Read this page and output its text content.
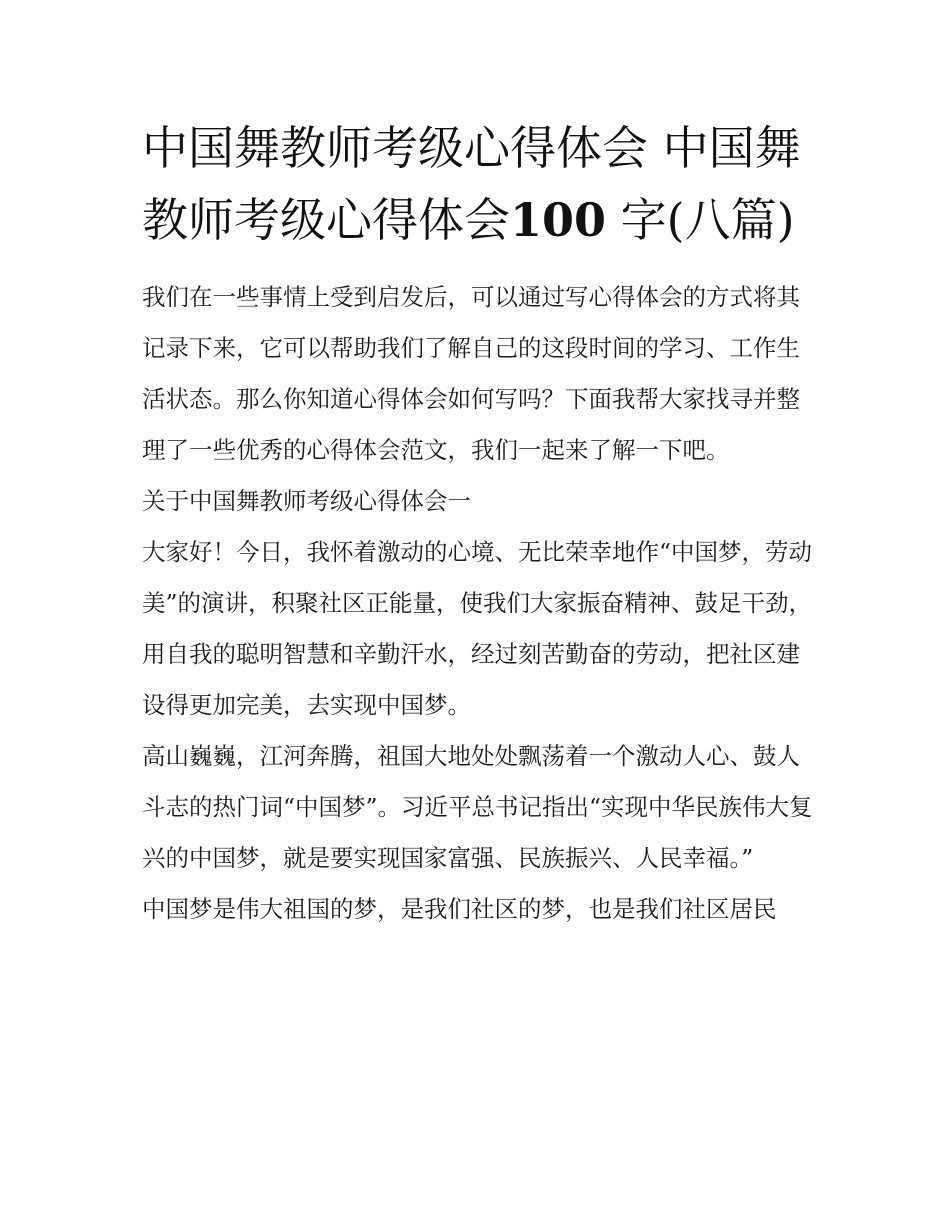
中国舞教师考级心得体会 中国舞教师考级心得体会100 字(八篇)

我们在一些事情上受到启发后，可以通过写心得体会的方式将其记录下来，它可以帮助我们了解自己的这段时间的学习、工作生活状态。那么你知道心得体会如何写吗？下面我帮大家找寻并整理了一些优秀的心得体会范文，我们一起来了解一下吧。

关于中国舞教师考级心得体会一

大家好！今日，我怀着激动的心境、无比荣幸地作“中国梦，劳动美”的演讲，积聚社区正能量，使我们大家振奋精神、鼓足干劲，用自我的聪明智慧和辛勤汗水，经过刻苦勤奋的劳动，把社区建设得更加完美，去实现中国梦。

高山巍巍，江河奔腾，祖国大地处处飘荡着一个激动人心、鼓人斗志的热门词“中国梦”。习近平总书记指出“实现中华民族伟大复兴的中国梦，就是要实现国家富强、民族振兴、人民幸福。”

中国梦是伟大祖国的梦，是我们社区的梦，也是我们社区居民
